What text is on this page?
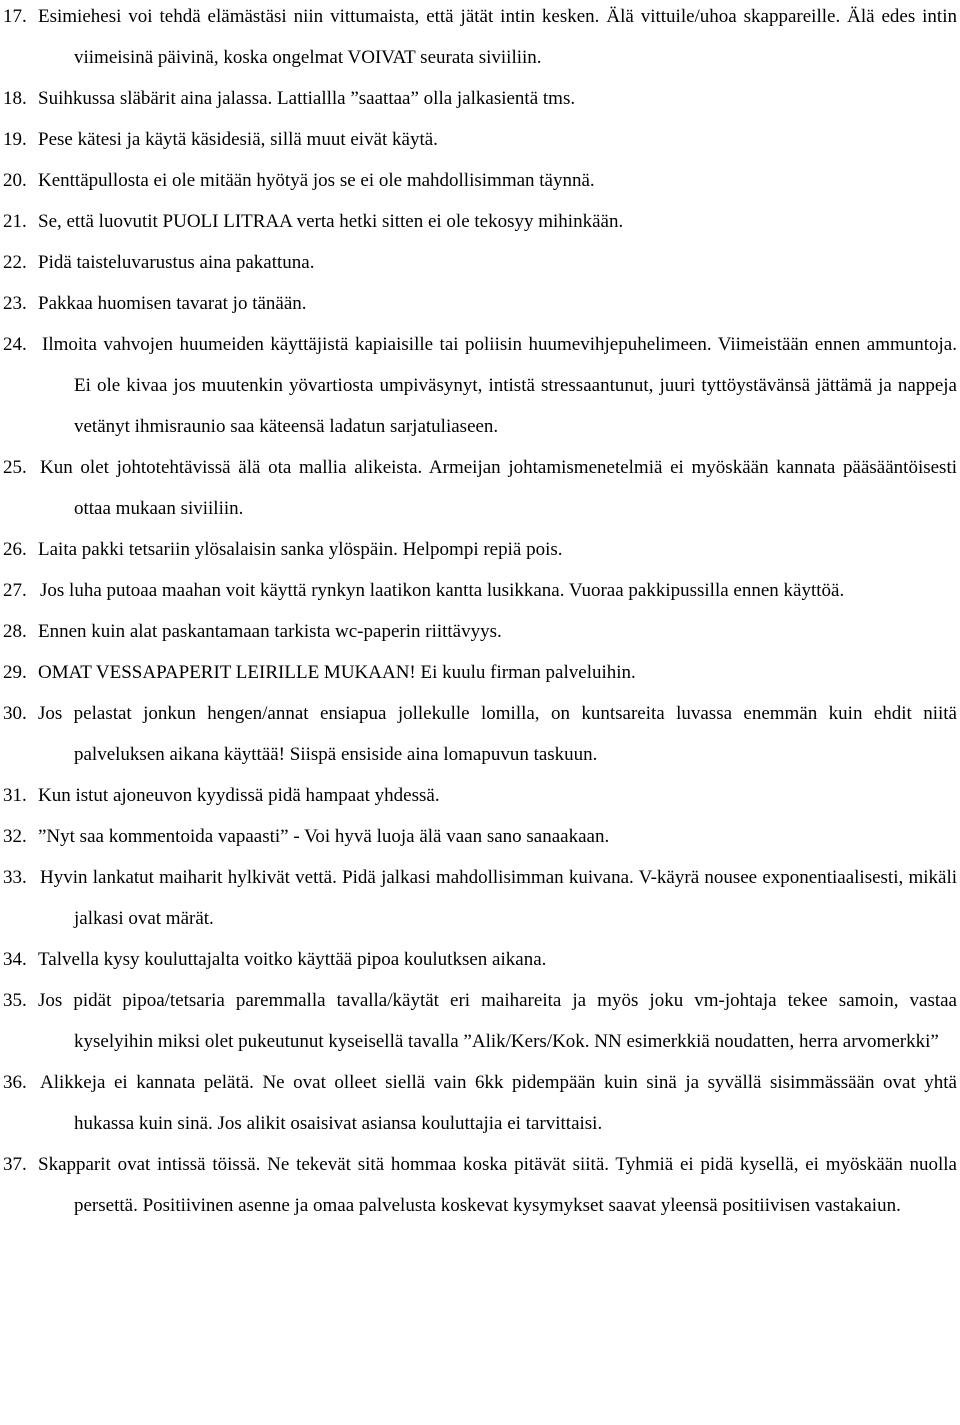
17. Esimiehesi voi tehdä elämästäsi niin vittumaista, että jätät intin kesken. Älä vittuile/uhoa skappareille. Älä edes intin viimeisinä päivinä, koska ongelmat VOIVAT seurata siviiliin.
18. Suihkussa släbärit aina jalassa. Lattiallla ”saattaa” olla jalkasientä tms.
19. Pese kätesi ja käytä käsidesiä, sillä muut eivät käytä.
20. Kenttäpullosta ei ole mitään hyötyä jos se ei ole mahdollisimman täynnä.
21. Se, että luovutit PUOLI LITRAA verta hetki sitten ei ole tekosyy mihinkään.
22. Pidä taisteluvarustus aina pakattuna.
23. Pakkaa huomisen tavarat jo tänään.
24. Ilmoita vahvojen huumeiden käyttäjistä kapiaisille tai poliisin huumevihjepuhelimeen. Viimeistään ennen ammuntoja. Ei ole kivaa jos muutenkin yövartiosta umpiväsynyt, intistä stressaantunut, juuri tyttöystävänsä jättämä ja nappeja vetänyt ihmisraunio saa käteensä ladatun sarjatuliaseen.
25. Kun olet johtotehtävissä älä ota mallia alikeista. Armeijan johtamismenetelmiä ei myöskään kannata pääsääntöisesti ottaa mukaan siviiliin.
26. Laita pakki tetsariin ylösalaisin sanka ylöspäin. Helpompi repiä pois.
27. Jos luha putoaa maahan voit käyttä rynkyn laatikon kantta lusikkana. Vuoraa pakkipussilla ennen käyttöä.
28. Ennen kuin alat paskantamaan tarkista wc-paperin riittävyys.
29. OMAT VESSAPAPERIT LEIRILLE MUKAAN! Ei kuulu firman palveluihin.
30. Jos pelastat jonkun hengen/annat ensiapua jollekulle lomilla, on kuntsareita luvassa enemmän kuin ehdit niitä palveluksen aikana käyttää! Siispä ensiside aina lomapuvun taskuun.
31. Kun istut ajoneuvon kyydissä pidä hampaat yhdessä.
32. ”Nyt saa kommentoida vapaasti” - Voi hyvä luoja älä vaan sano sanaakaan.
33. Hyvin lankatut maiharit hylkivät vettä. Pidä jalkasi mahdollisimman kuivana. V-käyrä nousee exponentiaalisesti, mikäli jalkasi ovat märät.
34. Talvella kysy kouluttajalta voitko käyttää pipoa koulutksen aikana.
35. Jos pidät pipoa/tetsaria paremmalla tavalla/käytät eri maihareita ja myös joku vm-johtaja tekee samoin, vastaa kyselyihin miksi olet pukeutunut kyseisellä tavalla ”Alik/Kers/Kok. NN esimerkkiä noudatten, herra arvomerkki”
36. Alikkeja ei kannata pelätä. Ne ovat olleet siellä vain 6kk pidempään kuin sinä ja syvällä sisimmässään ovat yhtä hukassa kuin sinä. Jos alikit osaisivat asiansa kouluttajia ei tarvittaisi.
37. Skapparit ovat intissä töissä. Ne tekevät sitä hommaa koska pitävät siitä. Tyhmiä ei pidä kysellä, ei myöskään nuolla persettä. Positiivinen asenne ja omaa palvelusta koskevat kysymykset saavat yleensä positiivisen vastakaiun.
